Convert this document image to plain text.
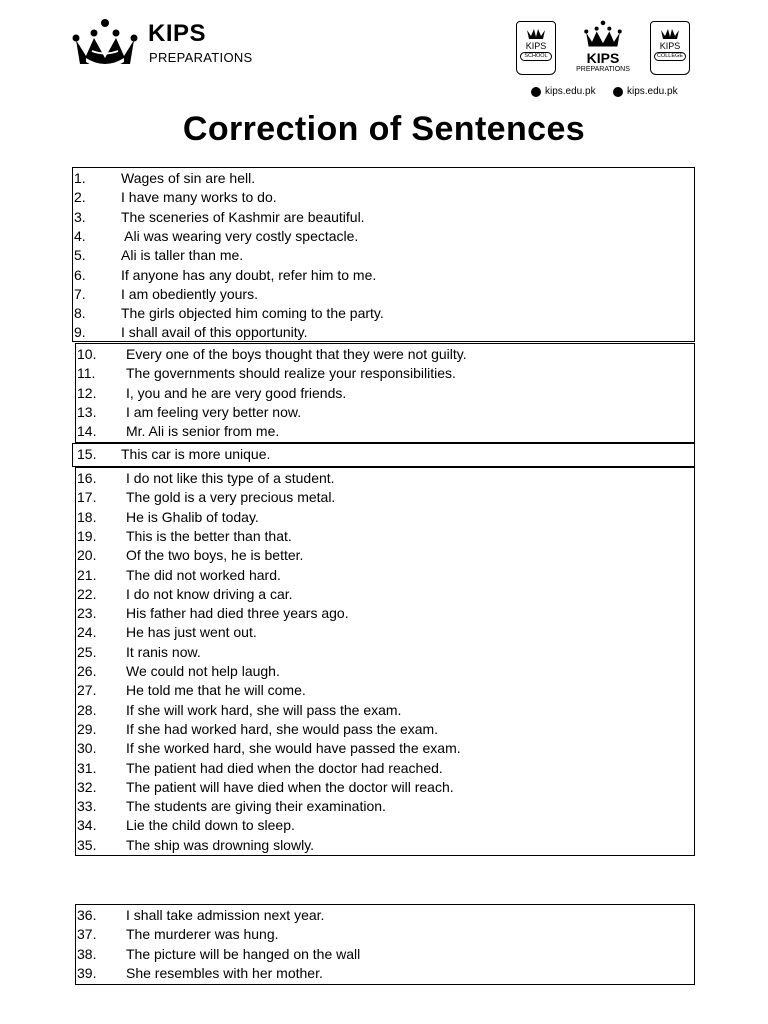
KIPS
PREPARATIONS
KIPS
SCHOOL	KIPS
PREPARATIONS
KIPS
COLLEGE
kips.edu.pk	kips.edu.pk
Correction of Sentences
1.	Wages of sin are hell.
2.	I have many works to do.
3.	The sceneries of Kashmir are beautiful.
4.	Ali was wearing very costly spectacle.
5.	Ali is taller than me.
6.	If anyone has any doubt, refer him to me.
7.	I am obediently yours.
8.	The girls objected him coming to the party.
9.	I shall avail of this opportunity.
10. Every one of the boys thought that they were not guilty.
11. The governments should realize your responsibilities.
12. I, you and he are very good friends.
13. I am feeling very better now.
14. Mr. Ali is senior from me.
15. This car is more unique.
16. I do not like this type of a student.
17. The gold is a very precious metal.
18. He is Ghalib of today.
19. This is the better than that.
20. Of the two boys, he is better.
21. The did not worked hard.
22. I do not know driving a car.
23. His father had died three years ago.
24. He has just went out.
25. It ranis now.
26. We could not help laugh.
27. He told me that he will come.
28. If she will work hard, she will pass the exam.
29. If she had worked hard, she would pass the exam.
30. If she worked hard, she would have passed the exam.
31. The patient had died when the doctor had reached.
32. The patient will have died when the doctor will reach.
33. The students are giving their examination.
34. Lie the child down to sleep.
35. The ship was drowning slowly.
36. I shall take admission next year.
37. The murderer was hung.
38. The picture will be hanged on the wall
39. She resembles with her mother.
